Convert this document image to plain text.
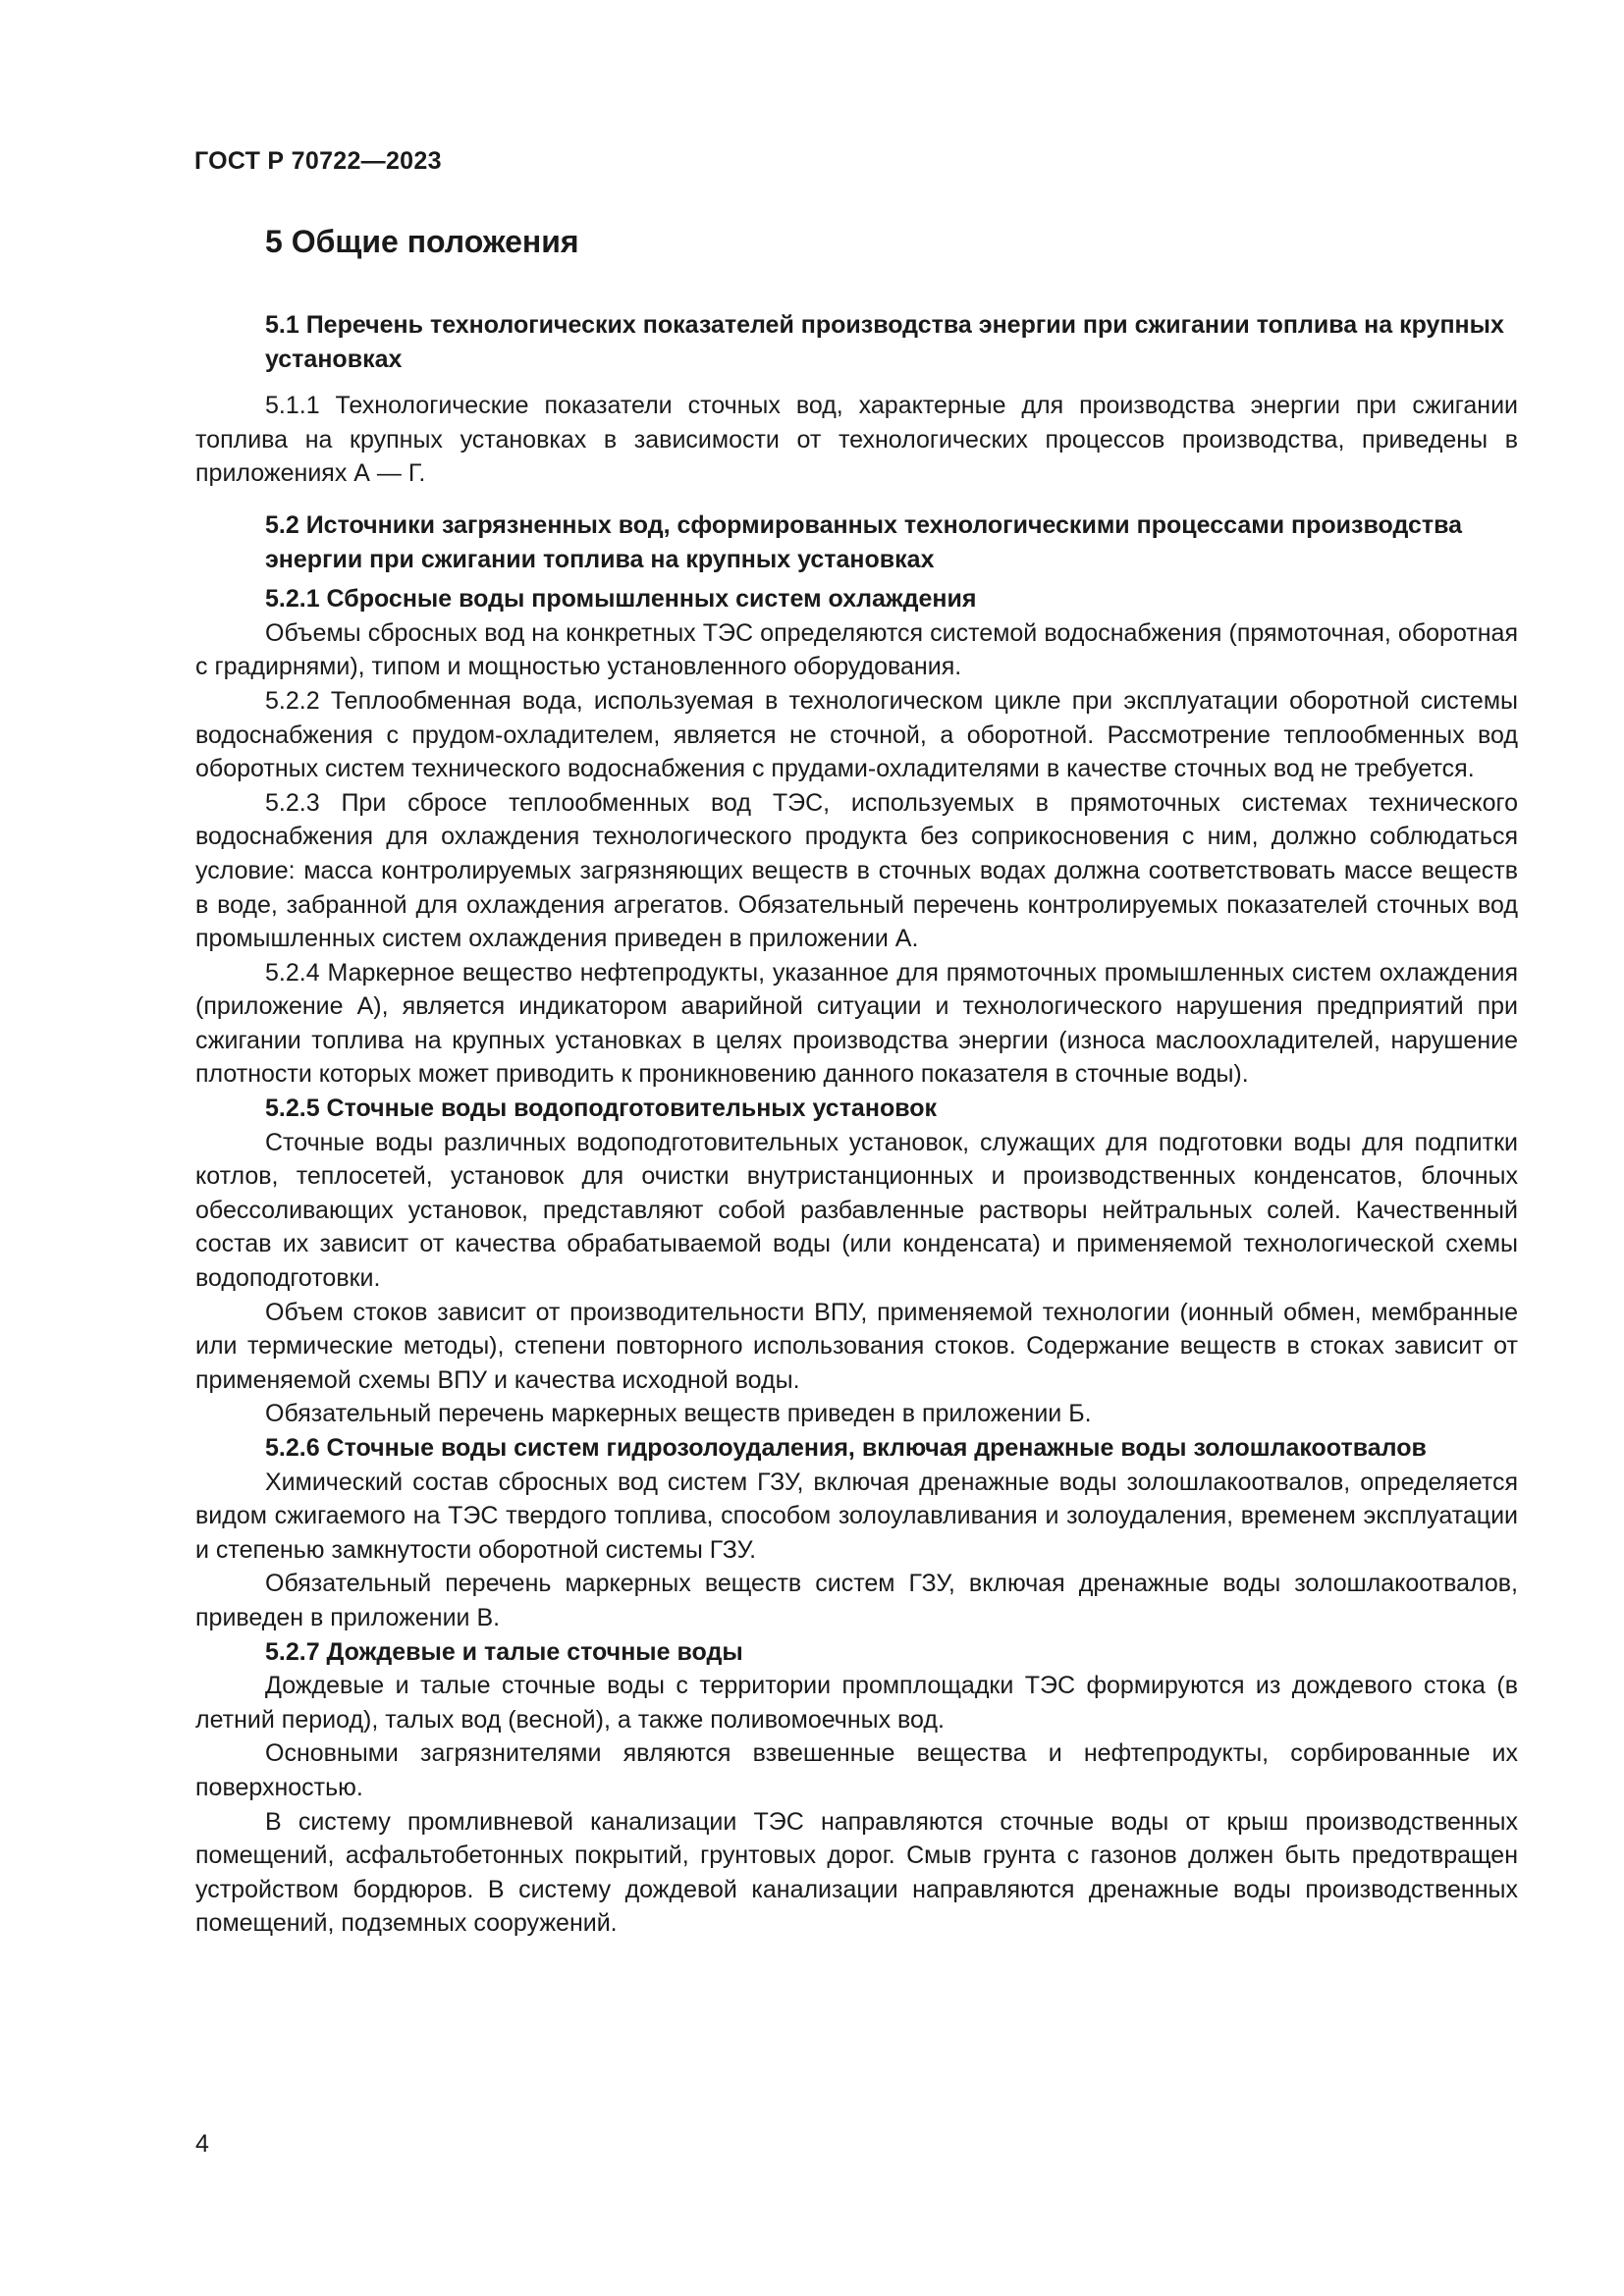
ГОСТ Р 70722—2023
5 Общие положения

5.1 Перечень технологических показателей производства энергии при сжигании топлива на крупных установках

5.1.1 Технологические показатели сточных вод, характерные для производства энергии при сжигании топлива на крупных установках в зависимости от технологических процессов производства, приведены в приложениях А — Г.

5.2 Источники загрязненных вод, сформированных технологическими процессами производства энергии при сжигании топлива на крупных установках

5.2.1 Сбросные воды промышленных систем охлаждения

Объемы сбросных вод на конкретных ТЭС определяются системой водоснабжения (прямоточная, оборотная с градирнями), типом и мощностью установленного оборудования.

5.2.2 Теплообменная вода, используемая в технологическом цикле при эксплуатации оборотной системы водоснабжения с прудом-охладителем, является не сточной, а оборотной. Рассмотрение теплообменных вод оборотных систем технического водоснабжения с прудами-охладителями в качестве сточных вод не требуется.

5.2.3 При сбросе теплообменных вод ТЭС, используемых в прямоточных системах технического водоснабжения для охлаждения технологического продукта без соприкосновения с ним, должно соблюдаться условие: масса контролируемых загрязняющих веществ в сточных водах должна соответствовать массе веществ в воде, забранной для охлаждения агрегатов. Обязательный перечень контролируемых показателей сточных вод промышленных систем охлаждения приведен в приложении А.

5.2.4 Маркерное вещество нефтепродукты, указанное для прямоточных промышленных систем охлаждения (приложение А), является индикатором аварийной ситуации и технологического нарушения предприятий при сжигании топлива на крупных установках в целях производства энергии (износа маслоохладителей, нарушение плотности которых может приводить к проникновению данного показателя в сточные воды).

5.2.5 Сточные воды водоподготовительных установок

Сточные воды различных водоподготовительных установок, служащих для подготовки воды для подпитки котлов, теплосетей, установок для очистки внутристанционных и производственных конденсатов, блочных обессоливающих установок, представляют собой разбавленные растворы нейтральных солей. Качественный состав их зависит от качества обрабатываемой воды (или конденсата) и применяемой технологической схемы водоподготовки.

Объем стоков зависит от производительности ВПУ, применяемой технологии (ионный обмен, мембранные или термические методы), степени повторного использования стоков. Содержание веществ в стоках зависит от применяемой схемы ВПУ и качества исходной воды.

Обязательный перечень маркерных веществ приведен в приложении Б.

5.2.6 Сточные воды систем гидрозолоудаления, включая дренажные воды золошлакоотвалов

Химический состав сбросных вод систем ГЗУ, включая дренажные воды золошлакоотвалов, определяется видом сжигаемого на ТЭС твердого топлива, способом золоулавливания и золоудаления, временем эксплуатации и степенью замкнутости оборотной системы ГЗУ.

Обязательный перечень маркерных веществ систем ГЗУ, включая дренажные воды золошлакоотвалов, приведен в приложении В.

5.2.7 Дождевые и талые сточные воды

Дождевые и талые сточные воды с территории промплощадки ТЭС формируются из дождевого стока (в летний период), талых вод (весной), а также поливомоечных вод.

Основными загрязнителями являются взвешенные вещества и нефтепродукты, сорбированные их поверхностью.

В систему промливневой канализации ТЭС направляются сточные воды от крыш производственных помещений, асфальтобетонных покрытий, грунтовых дорог. Смыв грунта с газонов должен быть предотвращен устройством бордюров. В систему дождевой канализации направляются дренажные воды производственных помещений, подземных сооружений.

4
